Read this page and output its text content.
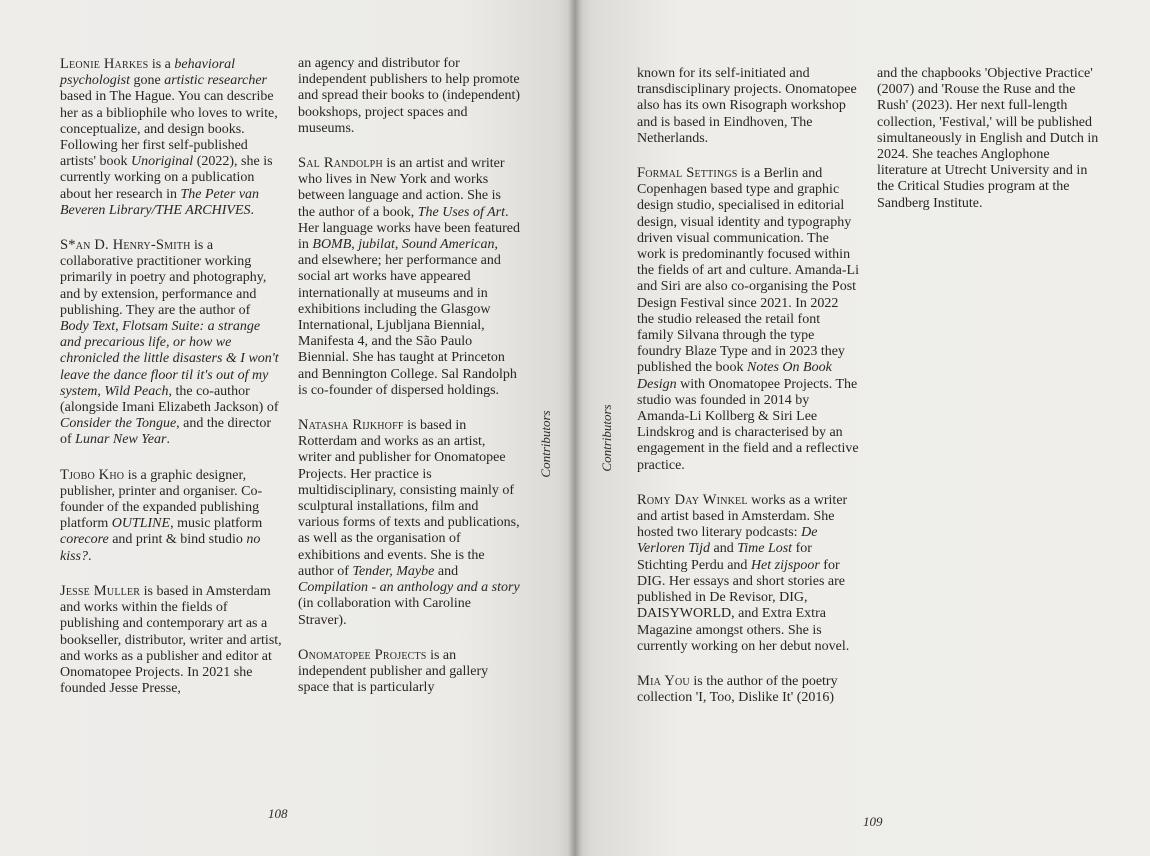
Leonie Harkes is a behavioral psychologist gone artistic researcher based in The Hague. You can describe her as a bibliophile who loves to write, conceptualize, and design books. Following her first self-published artists' book Unoriginal (2022), she is currently working on a publication about her research in The Peter van Beveren Library/THE ARCHIVES.

S*an D. Henry-Smith is a collaborative practitioner working primarily in poetry and photography, and by extension, performance and publishing. They are the author of Body Text, Flotsam Suite: a strange and precarious life, or how we chronicled the little disasters & I won't leave the dance floor til it's out of my system, Wild Peach, the co-author (alongside Imani Elizabeth Jackson) of Consider the Tongue, and the director of Lunar New Year.

Tjobo Kho is a graphic designer, publisher, printer and organiser. Co-founder of the expanded publishing platform OUTLINE, music platform corecore and print & bind studio no kiss?.

Jesse Muller is based in Amsterdam and works within the fields of publishing and contemporary art as a bookseller, distributor, writer and artist, and works as a publisher and editor at Onomatopee Projects. In 2021 she founded Jesse Presse,

an agency and distributor for independent publishers to help promote and spread their books to (independent) bookshops, project spaces and museums.

Sal Randolph is an artist and writer who lives in New York and works between language and action. She is the author of a book, The Uses of Art. Her language works have been featured in BOMB, jubilat, Sound American, and elsewhere; her performance and social art works have appeared internationally at museums and in exhibitions including the Glasgow International, Ljubljana Biennial, Manifesta 4, and the São Paulo Biennial. She has taught at Princeton and Bennington College. Sal Randolph is co-founder of dispersed holdings.

Natasha Rijkhoff is based in Rotterdam and works as an artist, writer and publisher for Onomatopee Projects. Her practice is multidisciplinary, consisting mainly of sculptural installations, film and various forms of texts and publications, as well as the organisation of exhibitions and events. She is the author of Tender, Maybe and Compilation - an anthology and a story (in collaboration with Caroline Straver).

Onomatopee Projects is an independent publisher and gallery space that is particularly

Contributors
108

known for its self-initiated and transdisciplinary projects. Onomatopee also has its own Risograph workshop and is based in Eindhoven, The Netherlands.

Formal Settings is a Berlin and Copenhagen based type and graphic design studio, specialised in editorial design, visual identity and typography driven visual communication. The work is predominantly focused within the fields of art and culture. Amanda-Li and Siri are also co-organising the Post Design Festival since 2021. In 2022 the studio released the retail font family Silvana through the type foundry Blaze Type and in 2023 they published the book Notes On Book Design with Onomatopee Projects. The studio was founded in 2014 by Amanda-Li Kollberg & Siri Lee Lindskrog and is characterised by an engagement in the field and a reflective practice.

Romy Day Winkel works as a writer and artist based in Amsterdam. She hosted two literary podcasts: De Verloren Tijd and Time Lost for Stichting Perdu and Het zijspoor for DIG. Her essays and short stories are published in De Revisor, DIG, DAISYWORLD, and Extra Extra Magazine amongst others. She is currently working on her debut novel.

Mia You is the author of the poetry collection 'I, Too, Dislike It' (2016)

and the chapbooks 'Objective Practice' (2007) and 'Rouse the Ruse and the Rush' (2023). Her next full-length collection, 'Festival,' will be published simultaneously in English and Dutch in 2024. She teaches Anglophone literature at Utrecht University and in the Critical Studies program at the Sandberg Institute.

Contributors
109
